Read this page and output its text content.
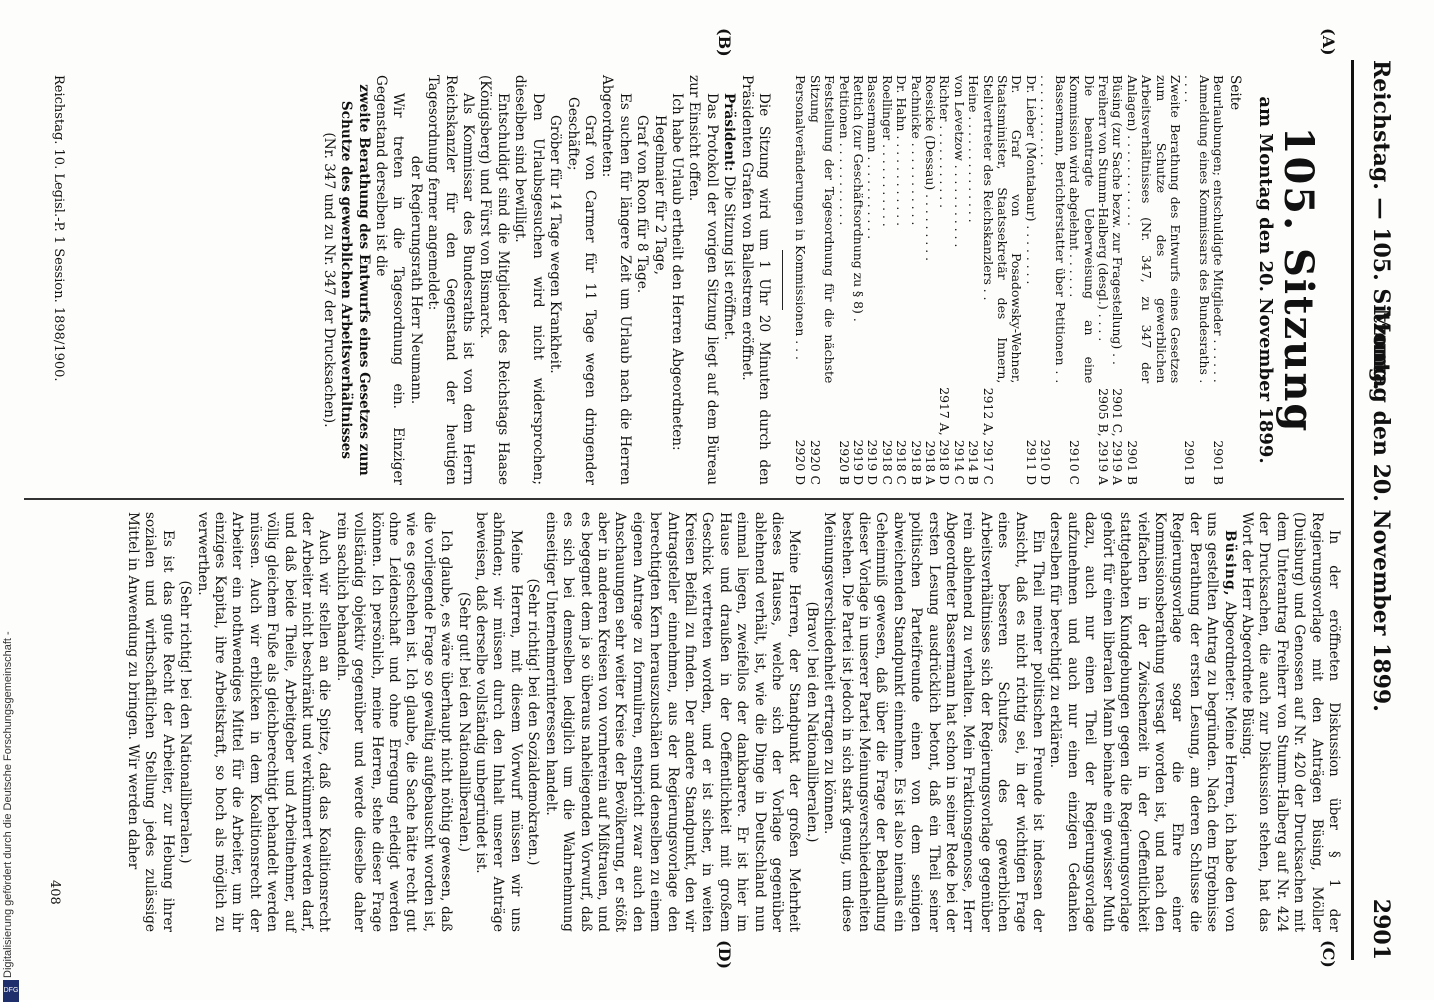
Reichstag. — 105. Sitzung.
Montag den 20. November 1899.
2901
(A)
(B)
(C)
(D)
105. Sitzung
am Montag den 20. November 1899.
Seite
Beurlaubungen; entschuldigte Mitglieder . . . . . .	2901 B
Anmeldung eines Kommissars des Bundesraths . . . . .	2901 B
Zweite Berathung des Entwurfs eines Gesetzes zum Schutze des gewerblichen Arbeitsverhältnisses (Nr. 347, zu 347 der Anlagen) . . . . . . . . . . . .	2901 B
Büsing (zur Sache bezw. zur Fragestellung) . .	2901 C, 2919 A
Freiherr von Stumm-Halberg (desgl.) . . . .	2905 B, 2919 A
Die beantragte Ueberweisung an eine Kommission wird abgelehnt . . . . . .	2910 C
Bassermann, Berichterstatter über Petitionen . . . . . . . . . . . . . .	2910 D
Dr. Lieber (Montabaur) . . . . . . . .	2911 D
Dr. Graf von Posadowsky-Wehner, Staatsminister, Staatssekretär des Innern, Stellvertreter des Reichskanzlers . .	2912 A, 2917 C
Heine . . . . . . . . . . . . . .	2914 B
von Levetzow . . . . . . . . . . .	2914 C
Richter . . . . . . . . . . .	2917 A, 2918 D
Roesicke (Dessau) . . . . . . . . .	2918 A
Pachnicke . . . . . . . . . . .	2918 B
Dr. Hahn . . . . . . . . . . . .	2918 C
Roellinger . . . . . . . . . . .	2918 C
Bassermann . . . . . . . . . . .	2919 D
Rettich (zur Geschäftsordnung zu § 8) .	2919 D
Petitionen . . . . . . . . . . .	2920 B
Feststellung der Tagesordnung für die nächste Sitzung	2920 C
Personalveränderungen in Kommissionen . . .	2920 D

Die Sitzung wird um 1 Uhr 20 Minuten durch den Präsidenten Grafen von Ballestrem eröffnet.

Präsident: Die Sitzung ist eröffnet.

Das Protokoll der vorigen Sitzung liegt auf dem Büreau zur Einsicht offen.

Ich habe Urlaub ertheilt den Herren Abgeordneten:

Hegelmaier für 2 Tage,

Graf von Roon für 8 Tage.

Es suchen für längere Zeit um Urlaub nach die Herren Abgeordneten:

Graf von Carmer für 11 Tage wegen dringender Geschäfte;

Gröber für 14 Tage wegen Krankheit.

Den Urlaubsgesuchen wird nicht widersprochen; dieselben sind bewilligt.

Entschuldigt sind die Mitglieder des Reichstags Haase (Königsberg) und Fürst von Bismarck.

Als Kommissar des Bundesraths ist von dem Herrn Reichskanzler für den Gegenstand der heutigen Tagesordnung ferner angemeldet:

der Regierungsrath Herr Neumann.

Wir treten in die Tagesordnung ein. Einziger Gegenstand derselben ist die

zweite Berathung des Entwurfs eines Gesetzes zum Schutze des gewerblichen Arbeitsverhältnisses

(Nr. 347 und zu Nr. 347 der Drucksachen).

In der eröffneten Diskussion über § 1 der Regierungsvorlage mit den Anträgen Büsing, Möller (Duisburg) und Genossen auf Nr. 420 der Drucksachen mit dem Unterantrag Freiherr von Stumm-Halberg auf Nr. 424 der Drucksachen, die auch zur Diskussion stehen, hat das Wort der Herr Abgeordnete Büsing.

Büsing, Abgeordneter: Meine Herren, ich habe den von uns gestellten Antrag zu begründen. Nach dem Ergebnisse der Berathung der ersten Lesung, am deren Schlusse die Regierungsvorlage sogar die Ehre einer Kommissionsberathung versagt worden ist, und nach den vielfachen in der Zwischenzeit in der Oeffentlichkeit stattgehabten Kundgebungen gegen die Regierungsvorlage gehört für einen liberalen Mann beinahe ein gewisser Muth dazu, auch nur einen Theil der Regierungsvorlage aufzunehmen und auch nur einen einzigen Gedanken derselben für berechtigt zu erklären.

Ein Theil meiner politischen Freunde ist indessen der Ansicht, daß es nicht richtig sei, in der wichtigen Frage eines besseren Schutzes des gewerblichen Arbeitsverhältnisses sich der Regierungsvorlage gegenüber rein ablehnend zu verhalten. Mein Fraktionsgenosse, Herr Abgeordneter Bassermann hat schon in seiner Rede bei der ersten Lesung ausdrücklich betont, daß ein Theil seiner politischen Parteifreunde einen von dem seinigen abweichenden Standpunkt einnehme. Es ist also niemals ein Geheimniß gewesen, daß über die Frage der Behandlung dieser Vorlage in unserer Partei Meinungsverschiedenheiten bestehen. Die Partei ist jedoch in sich stark genug, um diese Meinungsverschiedenheit ertragen zu können.

(Bravo! bei den Nationalliberalen.)

Meine Herren, der Standpunkt der großen Mehrheit dieses Hauses, welche sich der Vorlage gegenüber ablehnend verhält, ist, wie die Dinge in Deutschland nun einmal liegen, zweifellos der dankbarere. Er ist hier im Hause und draußen in der Oeffentlichkeit mit großem Geschick vertreten worden, und er ist sicher, in weiten Kreisen Beifall zu finden. Der andere Standpunkt, den wir Antragsteller einnehmen, aus der Regierungsvorlage den berechtigten Kern herauszuschälen und denselben zu einem eigenen Antrage zu formuliren, entspricht zwar auch den Anschauungen sehr weiter Kreise der Bevölkerung, er stößt aber in anderen Kreisen von vornherein auf Mißtrauen, und es begegnet dem ja so überaus naheliegenden Vorwurf, daß es sich bei demselben lediglich um die Wahrnehmung einseitiger Unternehmerinteressen handelt.

(Sehr richtig! bei den Sozialdemokraten.)

Meine Herren, mit diesem Vorwurf müssen wir uns abfinden; wir müssen durch den Inhalt unserer Anträge beweisen, daß derselbe vollständig unbegründet ist.

(Sehr gut! bei den Nationalliberalen.)

Ich glaube, es wäre überhaupt nicht nöthig gewesen, daß die vorliegende Frage so gewaltig aufgebauscht worden ist, wie es geschehen ist. Ich glaube, die Sache hätte recht gut ohne Leidenschaft und ohne Erregung erledigt werden können. Ich persönlich, meine Herren, stehe dieser Frage vollständig objektiv gegenüber und werde dieselbe daher rein sachlich behandeln.

Auch wir stellen an die Spitze, daß das Koalitionsrecht der Arbeiter nicht beschränkt und verkümmert werden darf, und daß beide Theile, Arbeitgeber und Arbeitnehmer, auf völlig gleichem Fuße als gleichberechtigt behandelt werden müssen. Auch wir erblicken in dem Koalitionsrecht der Arbeiter ein nothwendiges Mittel für die Arbeiter, um ihr einziges Kapital, ihre Arbeitskraft, so hoch als möglich zu verwerthen.

(Sehr richtig! bei den Nationalliberalen.)

Es ist das gute Recht der Arbeiter, zur Hebung ihrer sozialen und wirthschaftlichen Stellung jedes zulässige Mittel in Anwendung zu bringen. Wir werden daher

Reichstag. 10. Legisl.-P. 1 Session. 1898/1900.
408
Digitalisierung gefördert durch die Deutsche Forschungsgemeinschaft -
DFG
